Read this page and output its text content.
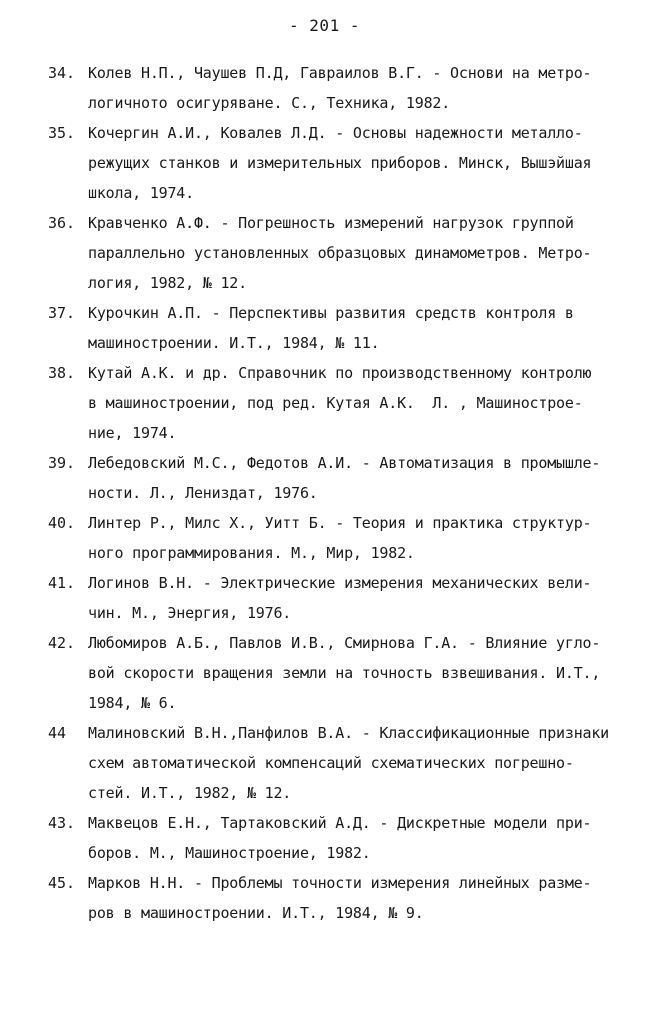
- 201 -
34. Колев Н.П., Чаушев П.Д, Гавраилов В.Г. - Основи на метро-
логичното осигуряване. С., Техника, 1982.
35. Кочергин А.И., Ковалев Л.Д. - Основы надежности металло-
режущих станков и измерительных приборов. Минск, Вышэйшая
школа, 1974.
36. Кравченко А.Ф. - Погрешность измерений нагрузок группой
параллельно установленных образцовых динамометров. Метро-
логия, 1982, № 12.
37. Курочкин А.П. - Перспективы развития средств контроля в
машиностроении. И.Т., 1984, № 11.
38. Кутай А.К. и др. Справочник по производственному контролю
в машиностроении, под ред. Кутая А.К.  Л. , Машинострое-
ние, 1974.
39. Лебедовский М.С., Федотов А.И. - Автоматизация в промышле-
ности. Л., Лениздат, 1976.
40. Линтер Р., Милс Х., Уитт Б. - Теория и практика структур-
ного программирования. М., Мир, 1982.
41. Логинов В.Н. - Электрические измерения механических вели-
чин. М., Энергия, 1976.
42. Любомиров А.Б., Павлов И.В., Смирнова Г.А. - Влияние угло-
вой скорости вращения земли на точность взвешивания. И.Т.,
1984, № 6.
44	Малиновский В.Н.,Панфилов В.А. - Классификационные признаки
схем автоматической компенсаций схематических погрешно-
стей. И.Т., 1982, № 12.
43. Маквецов Е.Н., Тартаковский А.Д. - Дискретные модели при-
боров. М., Машиностроение, 1982.
45. Марков Н.Н. - Проблемы точности измерения линейных разме-
ров в машиностроении. И.Т., 1984, № 9.
